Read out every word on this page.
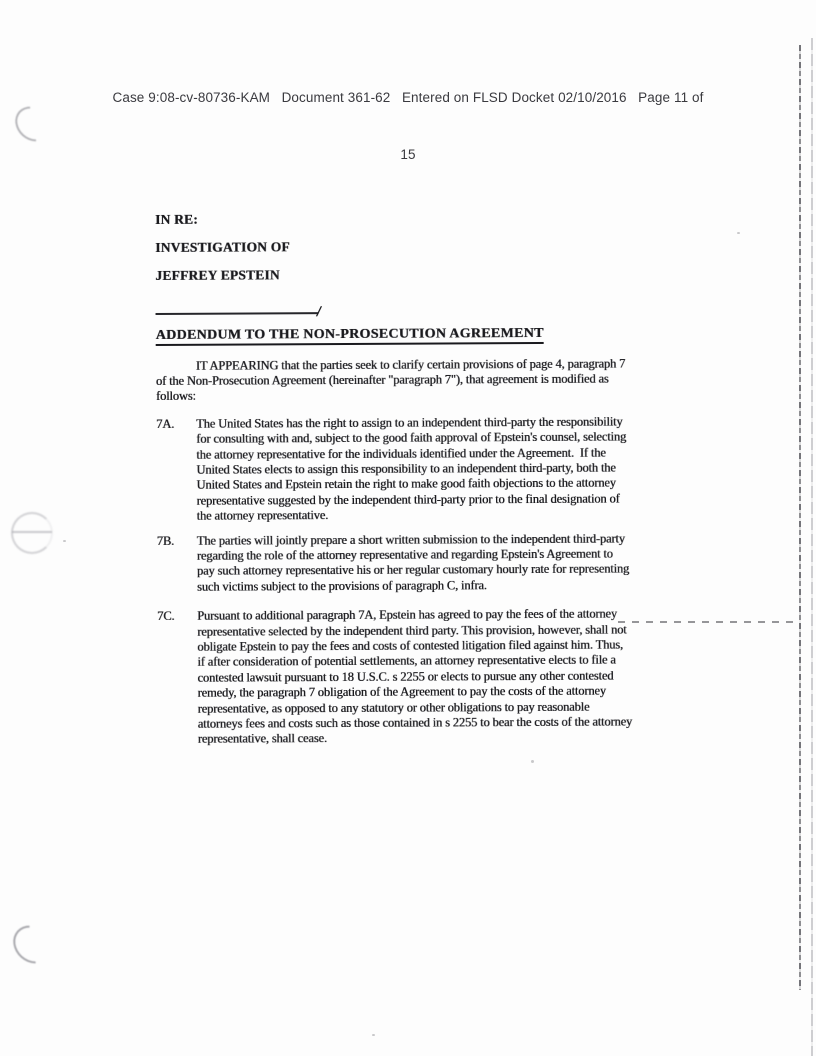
Case 9:08-cv-80736-KAM   Document 361-62   Entered on FLSD Docket 02/10/2016   Page 11 of

15

IN RE:
INVESTIGATION OF
JEFFREY EPSTEIN
/
ADDENDUM TO THE NON-PROSECUTION AGREEMENT
IT APPEARING that the parties seek to clarify certain provisions of page 4, paragraph 7
of the Non-Prosecution Agreement (hereinafter "paragraph 7"), that agreement is modified as
follows:
7A.	The United States has the right to assign to an independent third-party the responsibility
for consulting with and, subject to the good faith approval of Epstein's counsel, selecting
the attorney representative for the individuals identified under the Agreement.  If the
United States elects to assign this responsibility to an independent third-party, both the
United States and Epstein retain the right to make good faith objections to the attorney
representative suggested by the independent third-party prior to the final designation of
the attorney representative.
7B.	The parties will jointly prepare a short written submission to the independent third-party
regarding the role of the attorney representative and regarding Epstein's Agreement to
pay such attorney representative his or her regular customary hourly rate for representing
such victims subject to the provisions of paragraph C, infra.
7C.	Pursuant to additional paragraph 7A, Epstein has agreed to pay the fees of the attorney
representative selected by the independent third party. This provision, however, shall not
obligate Epstein to pay the fees and costs of contested litigation filed against him. Thus,
if after consideration of potential settlements, an attorney representative elects to file a
contested lawsuit pursuant to 18 U.S.C. s 2255 or elects to pursue any other contested
remedy, the paragraph 7 obligation of the Agreement to pay the costs of the attorney
representative, as opposed to any statutory or other obligations to pay reasonable
attorneys fees and costs such as those contained in s 2255 to bear the costs of the attorney
representative, shall cease.
